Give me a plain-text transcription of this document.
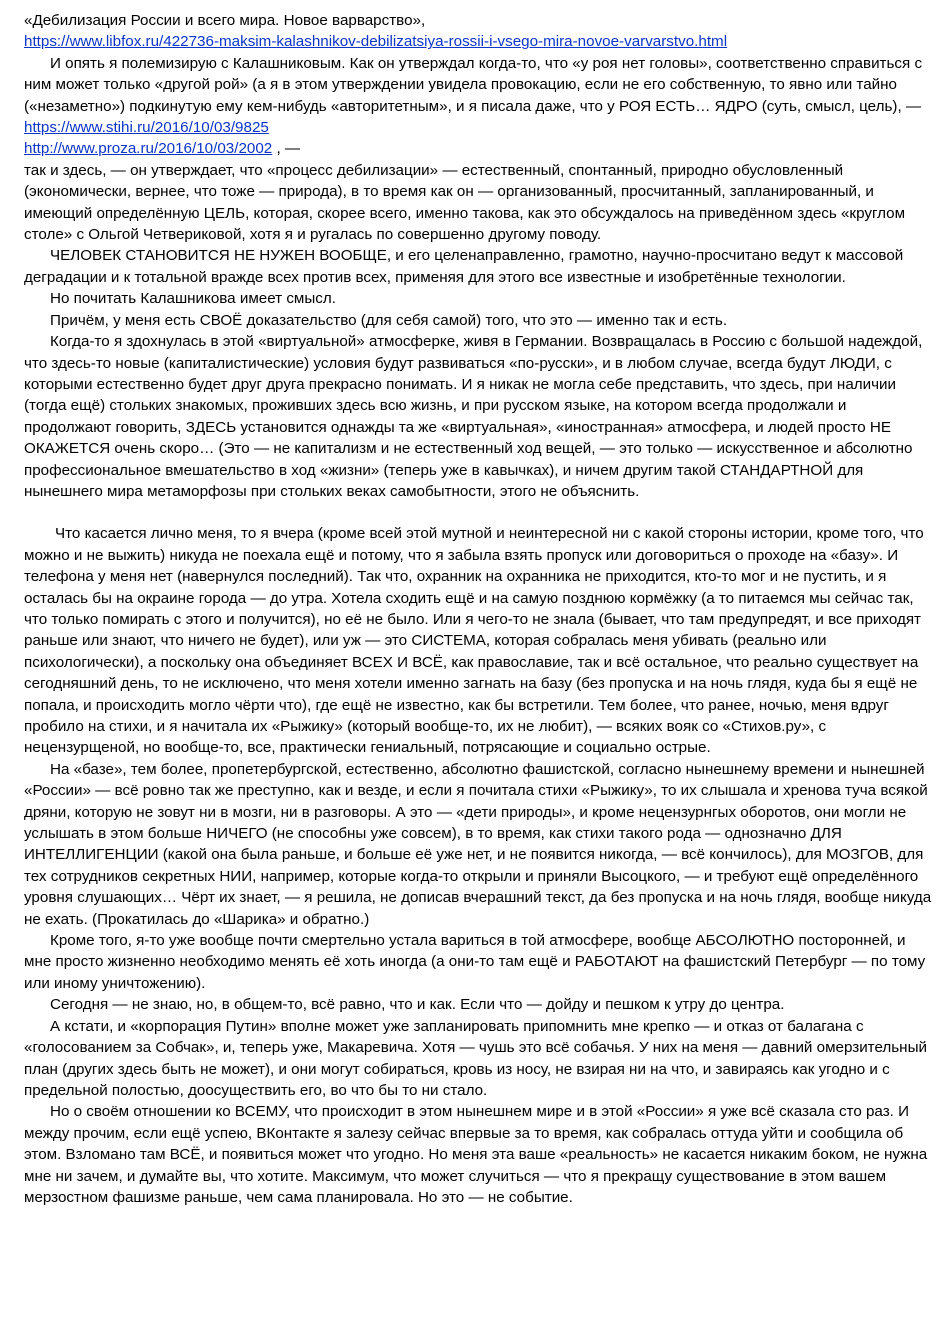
«Дебилизация России и всего мира. Новое варварство»,

https://www.libfox.ru/422736-maksim-kalashnikov-debilizatsiya-rossii-i-vsego-mira-novoe-varvarstvo.html

И опять я полемизирую с Калашниковым. Как он утверждал когда-то, что «у роя нет головы», соответственно справиться с ним может только «другой рой» (а я в этом утверждении увидела провокацию, если не его собственную, то явно или тайно («незаметно») подкинутую ему кем-нибудь «авторитетным», и я писала даже, что у РОЯ ЕСТЬ… ЯДРО (суть, смысл, цель), —

https://www.stihi.ru/2016/10/03/9825

http://www.proza.ru/2016/10/03/2002 , —

так и здесь, — он утверждает, что «процесс дебилизации» — естественный, спонтанный, природно обусловленный (экономически, вернее, что тоже — природа), в то время как он — организованный, просчитанный, запланированный, и имеющий определённую ЦЕЛЬ, которая, скорее всего, именно такова, как это обсуждалось на приведённом здесь «круглом столе» с Ольгой Четвериковой, хотя я и ругалась по совершенно другому поводу.

ЧЕЛОВЕК СТАНОВИТСЯ НЕ НУЖЕН ВООБЩЕ, и его целенаправленно, грамотно, научно-просчитано ведут к массовой деградации и к тотальной вражде всех против всех, применяя для этого все известные и изобретённые технологии.

Но почитать Калашникова имеет смысл.

Причём, у меня есть СВОЁ доказательство (для себя самой) того, что это — именно так и есть.

Когда-то я здохнулась в этой «виртуальной» атмосферке, живя в Германии. Возвращалась в Россию с большой надеждой, что здесь-то новые (капиталистические) условия будут развиваться «по-русски», и в любом случае, всегда будут ЛЮДИ, с которыми естественно будет друг друга прекрасно понимать. И я никак не могла себе представить, что здесь, при наличии (тогда ещё) стольких знакомых, проживших здесь всю жизнь, и при русском языке, на котором всегда продолжали и продолжают говорить, ЗДЕСЬ установится однажды та же «виртуальная», «иностранная» атмосфера, и людей просто НЕ ОКАЖЕТСЯ очень скоро… (Это — не капитализм и не естественный ход вещей, — это только — искусственное и абсолютно профессиональное вмешательство в ход «жизни» (теперь уже в кавычках), и ничем другим такой СТАНДАРТНОЙ для нынешнего мира метаморфозы при стольких веках самобытности, этого не объяснить.

Что касается лично меня, то я вчера (кроме всей этой мутной и неинтересной ни с какой стороны истории, кроме того, что можно и не выжить) никуда не поехала ещё и потому, что я забыла взять пропуск или договориться о проходе на «базу». И телефона у меня нет (навернулся последний). Так что, охранник на охранника не приходится, кто-то мог и не пустить, и я осталась бы на окраине города — до утра. Хотела сходить ещё и на самую позднюю кормёжку (а то питаемся мы сейчас так, что только помирать с этого и получится), но её не было. Или я чего-то не знала (бывает, что там предупредят, и все приходят раньше или знают, что ничего не будет), или уж — это СИСТЕМА, которая собралась меня убивать (реально или психологически), а поскольку она объединяет ВСЕХ И ВСЁ, как православие, так и всё остальное, что реально существует на сегодняшний день, то не исключено, что меня хотели именно загнать на базу (без пропуска и на ночь глядя, куда бы я ещё не попала, и происходить могло чёрти что), где ещё не известно, как бы встретили. Тем более, что ранее, ночью, меня вдруг пробило на стихи, и я начитала их «Рыжику» (который вообще-то, их не любит), — всяких вояк со «Стихов.ру», с нецензурщеной, но вообще-то, все, практически гениальный, потрясающие и социально острые.

На «базе», тем более, пропетербургской, естественно, абсолютно фашистской, согласно нынешнему времени и нынешней «России» — всё ровно так же преступно, как и везде, и если я почитала стихи «Рыжику», то их слышала и хренова туча всякой дряни, которую не зовут ни в мозги, ни в разговоры. А это — «дети природы», и кроме нецензурнгых оборотов, они могли не услышать в этом больше НИЧЕГО (не способны уже совсем), в то время, как стихи такого рода — однозначно ДЛЯ ИНТЕЛЛИГЕНЦИИ (какой она была раньше, и больше её уже нет, и не появится никогда, — всё кончилось), для МОЗГОВ, для тех сотрудников секретных НИИ, например, которые когда-то открыли и приняли Высоцкого, — и требуют ещё определённого уровня слушающих… Чёрт их знает, — я решила, не дописав вчерашний текст, да без пропуска и на ночь глядя, вообще никуда не ехать. (Прокатилась до «Шарика» и обратно.)

Кроме того, я-то уже вообще почти смертельно устала вариться в той атмосфере, вообще АБСОЛЮТНО посторонней, и мне просто жизненно необходимо менять её хоть иногда (а они-то там ещё и РАБОТАЮТ на фашистский Петербург — по тому или иному уничтожению).

Сегодня — не знаю, но, в общем-то, всё равно, что и как. Если что — дойду и пешком к утру до центра.

А кстати, и «корпорация Путин» вполне может уже запланировать припомнить мне крепко — и отказ от балагана с «голосованием за Собчак», и, теперь уже, Макаревича. Хотя — чушь это всё собачья. У них на меня — давний омерзительный план (других здесь быть не может), и они могут собираться, кровь из носу, не взирая ни на что, и завираясь как угодно и с предельной полостью, доосуществить его, во что бы то ни стало.

Но о своём отношении ко ВСЕМУ, что происходит в этом нынешнем мире и в этой «России» я уже всё сказала сто раз. И между прочим, если ещё успею, ВКонтакте я залезу сейчас впервые за то время, как собралась оттуда уйти и сообщила об этом. Взломано там ВСЁ, и появиться может что угодно. Но меня эта ваше «реальность» не касается никаким боком, не нужна мне ни зачем, и думайте вы, что хотите. Максимум, что может случиться — что я прекращу существование в этом вашем мерзостном фашизме раньше, чем сама планировала. Но это — не событие.
